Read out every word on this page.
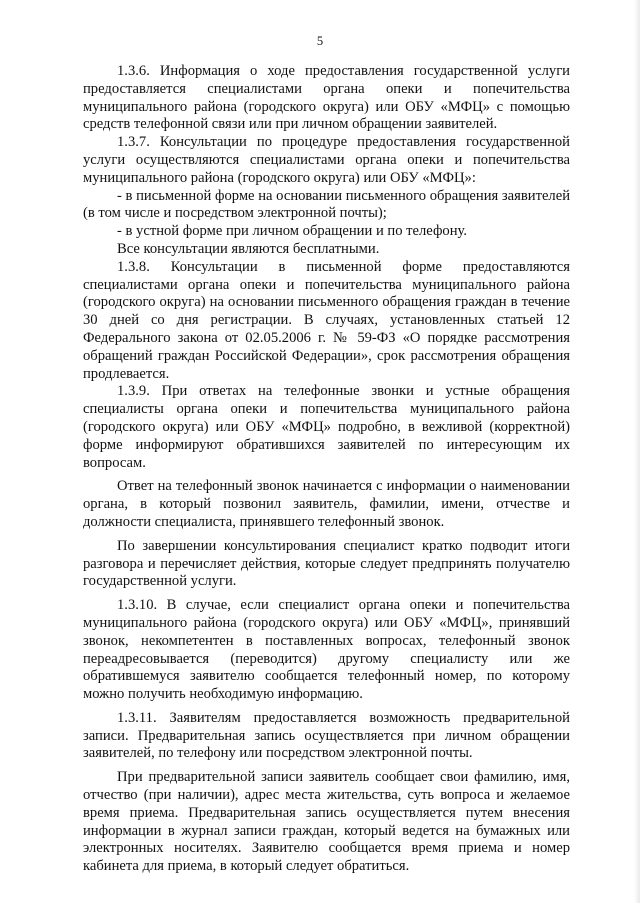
5

1.3.6. Информация о ходе предоставления государственной услуги предоставляется специалистами органа опеки и попечительства муниципального района (городского округа) или ОБУ «МФЦ» с помощью средств телефонной связи или при личном обращении заявителей.

1.3.7. Консультации по процедуре предоставления государственной услуги осуществляются специалистами органа опеки и попечительства муниципального района (городского округа) или ОБУ «МФЦ»:

- в письменной форме на основании письменного обращения заявителей (в том числе и посредством электронной почты);

- в устной форме при личном обращении и по телефону.

Все консультации являются бесплатными.

1.3.8. Консультации в письменной форме предоставляются специалистами органа опеки и попечительства муниципального района (городского округа) на основании письменного обращения граждан в течение 30 дней со дня регистрации. В случаях, установленных статьей 12 Федерального закона от 02.05.2006 г. № 59-ФЗ «О порядке рассмотрения обращений граждан Российской Федерации», срок рассмотрения обращения продлевается.

1.3.9. При ответах на телефонные звонки и устные обращения специалисты органа опеки и попечительства муниципального района (городского округа) или ОБУ «МФЦ» подробно, в вежливой (корректной) форме информируют обратившихся заявителей по интересующим их вопросам.

Ответ на телефонный звонок начинается с информации о наименовании органа, в который позвонил заявитель, фамилии, имени, отчестве и должности специалиста, принявшего телефонный звонок.

По завершении консультирования специалист кратко подводит итоги разговора и перечисляет действия, которые следует предпринять получателю государственной услуги.

1.3.10. В случае, если специалист органа опеки и попечительства муниципального района (городского округа) или ОБУ «МФЦ», принявший звонок, некомпетентен в поставленных вопросах, телефонный звонок переадресовывается (переводится) другому специалисту или же обратившемуся заявителю сообщается телефонный номер, по которому можно получить необходимую информацию.

1.3.11. Заявителям предоставляется возможность предварительной записи. Предварительная запись осуществляется при личном обращении заявителей, по телефону или посредством электронной почты.

При предварительной записи заявитель сообщает свои фамилию, имя, отчество (при наличии), адрес места жительства, суть вопроса и желаемое время приема. Предварительная запись осуществляется путем внесения информации в журнал записи граждан, который ведется на бумажных или электронных носителях. Заявителю сообщается время приема и номер кабинета для приема, в который следует обратиться.
